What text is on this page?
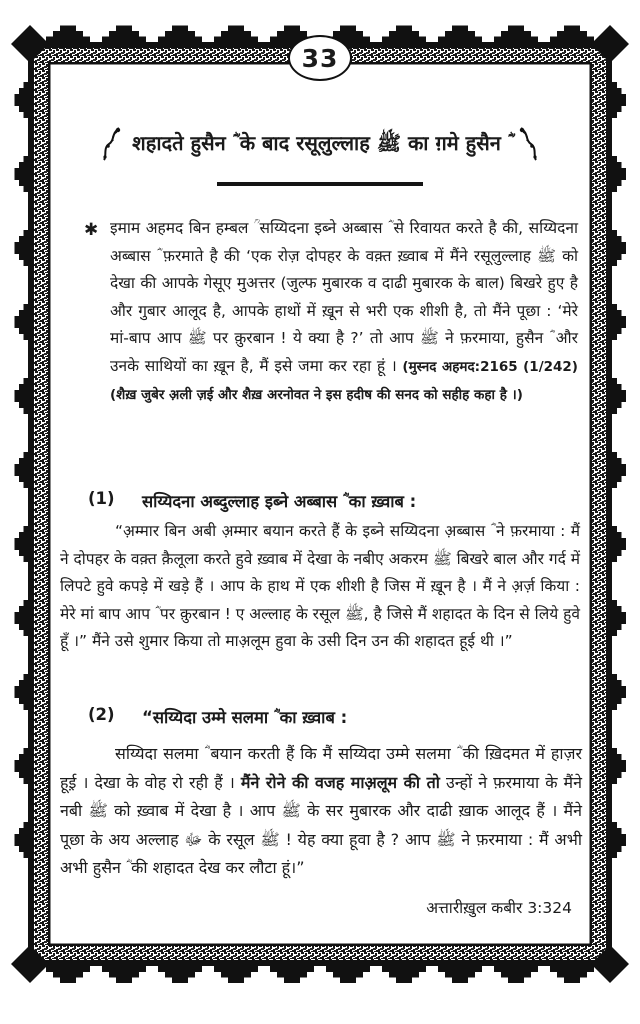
33
शहादते हुसैन ؓ के बाद रसूलुल्लाह ﷺ का ग़मे हुसैन ؓ
✱ इमाम अहमद बिन हम्बल ؒ सय्यिदना इब्ने अब्बास ؓ से रिवायत करते है की, सय्यिदना अब्बास ؓ फ़रमाते है की ‘एक रोज़ दोपहर के वक़्त ख़्वाब में मैंने रसूलुल्लाह ﷺ को देखा की आपके गेसूए मुअत्तर (जुल्फ मुबारक व दाढी मुबारक के बाल) बिखरे हुए है और गुबार आलूद है, आपके हाथों में ख़ून से भरी एक शीशी है, तो मैंने पूछा : ‘मेरे मां-बाप आप ﷺ पर क़ुरबान ! ये क्या है ?’ तो आप ﷺ ने फ़रमाया, हुसैन ؓ और उनके साथियों का ख़ून है, मैं इसे जमा कर रहा हूं । (मुस्नद अहमद:2165 (1/242) (शैख़ जुबेर अ़ली ज़ई और शैख़ अरनोवत ने इस हदीष की सनद को सहीह कहा है ।)
(1) सय्यिदना अब्दुल्लाह इब्ने अब्बास ؓ का ख़्वाब :
“अ़म्मार बिन अबी अ़म्मार बयान करते हैं के इब्ने सय्यिदना अ़ब्बास ؓ ने फ़रमाया : मैं ने दोपहर के वक़्त क़ैलूला करते हुवे ख़्वाब में देखा के नबीए अकरम ﷺ बिखरे बाल और गर्द में लिपटे हुवे कपड़े में खड़े हैं । आप के हाथ में एक शीशी है जिस में ख़ून है । मैं ने अ़र्ज़ किया : मेरे मां बाप आप ؓ पर क़ुरबान ! ए अल्लाह के रसूल ﷺ, है जिसे मैं शहादत के दिन से लिये हुवे हूँ ।” मैंने उसे शुमार किया तो माअ़लूम हुवा के उसी दिन उन की शहादत हूई थी ।”
(2) “सय्यिदा उम्मे सलमा ؓ का ख़्वाब :
सय्यिदा सलमा ؓ बयान करती हैं कि मैं सय्यिदा उम्मे सलमा ؓ की ख़िदमत में हाज़र हूई़ । देखा के वोह रो रही हैं । मैंने रोने की वजह माअ़लूम की तो उन्हों ने फ़रमाया के मैंने नबी ﷺ को ख़्वाब में देखा है । आप ﷺ के सर मुबारक और दाढी ख़ाक आलूद हैं । मैंने पूछा के अय अल्लाह ﷻ के रसूल ﷺ ! येह क्या हूवा है ? आप ﷺ ने फ़रमाया : मैं अभी अभी हुसैन ؓ की शहादत देख कर लौटा हूं।”
अत्तारीख़ुल कबीर 3:324
